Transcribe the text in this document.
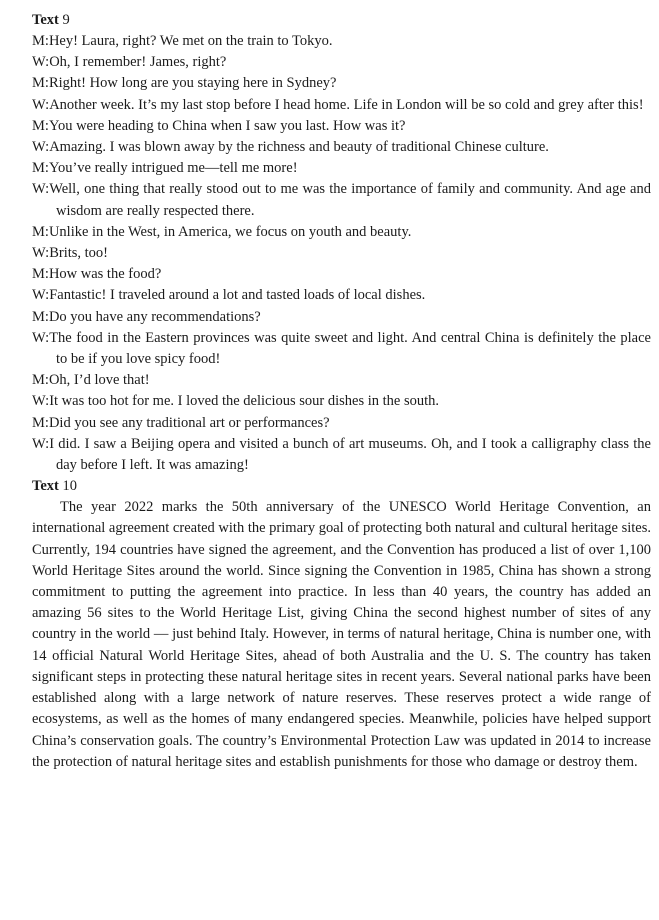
Text 9
M:Hey! Laura, right? We met on the train to Tokyo.
W:Oh, I remember! James, right?
M:Right! How long are you staying here in Sydney?
W:Another week. It’s my last stop before I head home. Life in London will be so cold and grey after this!
M:You were heading to China when I saw you last. How was it?
W:Amazing. I was blown away by the richness and beauty of traditional Chinese culture.
M:You’ve really intrigued me—tell me more!
W:Well, one thing that really stood out to me was the importance of family and community. And age and wisdom are really respected there.
M:Unlike in the West, in America, we focus on youth and beauty.
W:Brits, too!
M:How was the food?
W:Fantastic! I traveled around a lot and tasted loads of local dishes.
M:Do you have any recommendations?
W:The food in the Eastern provinces was quite sweet and light. And central China is definitely the place to be if you love spicy food!
M:Oh, I’d love that!
W:It was too hot for me. I loved the delicious sour dishes in the south.
M:Did you see any traditional art or performances?
W:I did. I saw a Beijing opera and visited a bunch of art museums. Oh, and I took a calligraphy class the day before I left. It was amazing!
Text 10

The year 2022 marks the 50th anniversary of the UNESCO World Heritage Convention, an international agreement created with the primary goal of protecting both natural and cultural heritage sites. Currently, 194 countries have signed the agreement, and the Convention has produced a list of over 1,100 World Heritage Sites around the world. Since signing the Convention in 1985, China has shown a strong commitment to putting the agreement into practice. In less than 40 years, the country has added an amazing 56 sites to the World Heritage List, giving China the second highest number of sites of any country in the world — just behind Italy. However, in terms of natural heritage, China is number one, with 14 official Natural World Heritage Sites, ahead of both Australia and the U. S. The country has taken significant steps in protecting these natural heritage sites in recent years. Several national parks have been established along with a large network of nature reserves. These reserves protect a wide range of ecosystems, as well as the homes of many endangered species. Meanwhile, policies have helped support China’s conservation goals. The country’s Environmental Protection Law was updated in 2014 to increase the protection of natural heritage sites and establish punishments for those who damage or destroy them.
